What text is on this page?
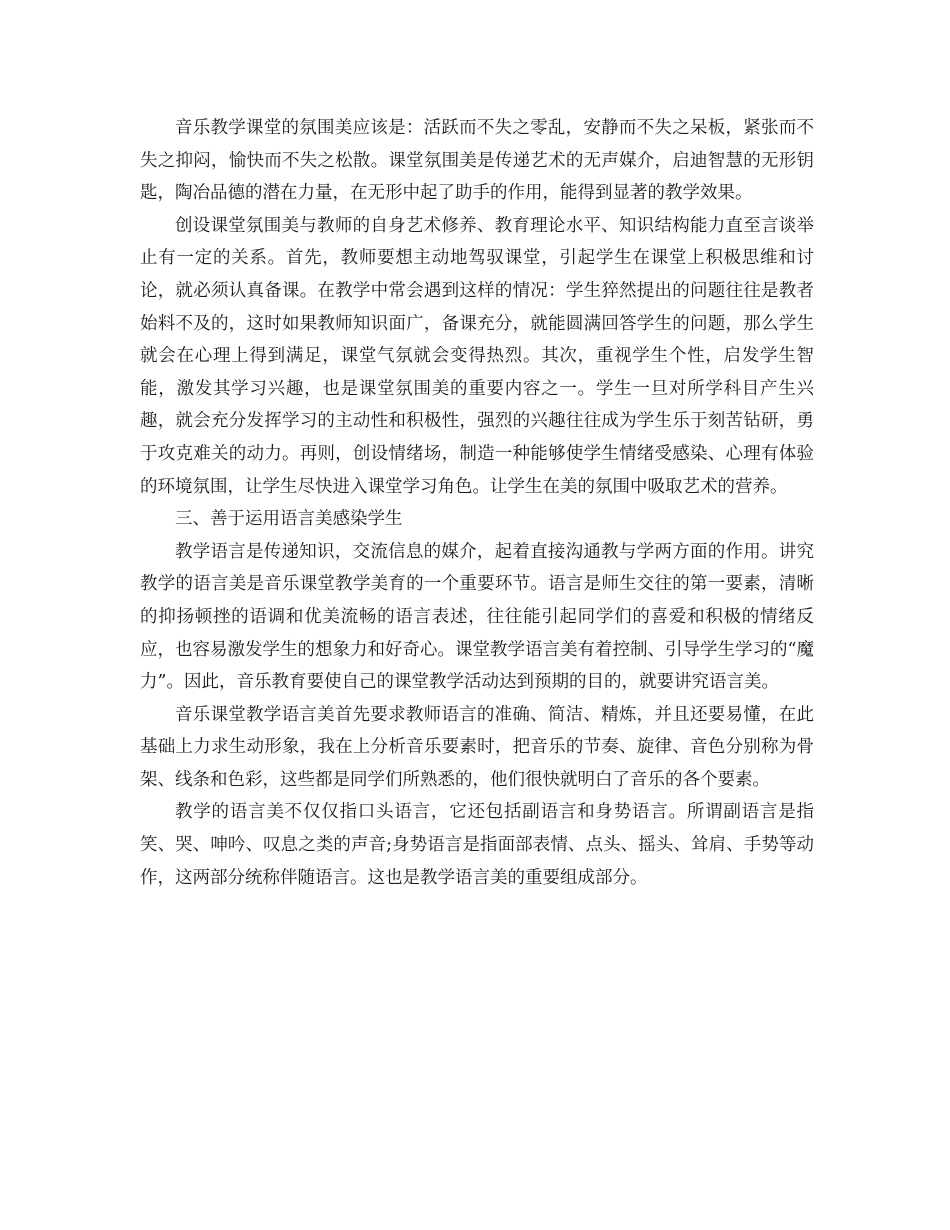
音乐教学课堂的氛围美应该是：活跃而不失之零乱，安静而不失之呆板，紧张而不失之抑闷，愉快而不失之松散。课堂氛围美是传递艺术的无声媒介，启迪智慧的无形钥匙，陶冶品德的潜在力量，在无形中起了助手的作用，能得到显著的教学效果。

创设课堂氛围美与教师的自身艺术修养、教育理论水平、知识结构能力直至言谈举止有一定的关系。首先，教师要想主动地驾驭课堂，引起学生在课堂上积极思维和讨论，就必须认真备课。在教学中常会遇到这样的情况：学生猝然提出的问题往往是教者始料不及的，这时如果教师知识面广，备课充分，就能圆满回答学生的问题，那么学生就会在心理上得到满足，课堂气氛就会变得热烈。其次，重视学生个性，启发学生智能，激发其学习兴趣，也是课堂氛围美的重要内容之一。学生一旦对所学科目产生兴趣，就会充分发挥学习的主动性和积极性，强烈的兴趣往往成为学生乐于刻苦钻研，勇于攻克难关的动力。再则，创设情绪场，制造一种能够使学生情绪受感染、心理有体验的环境氛围，让学生尽快进入课堂学习角色。让学生在美的氛围中吸取艺术的营养。

三、善于运用语言美感染学生

教学语言是传递知识，交流信息的媒介，起着直接沟通教与学两方面的作用。讲究教学的语言美是音乐课堂教学美育的一个重要环节。语言是师生交往的第一要素，清晰的抑扬顿挫的语调和优美流畅的语言表述，往往能引起同学们的喜爱和积极的情绪反应，也容易激发学生的想象力和好奇心。课堂教学语言美有着控制、引导学生学习的“魔力”。因此，音乐教育要使自己的课堂教学活动达到预期的目的，就要讲究语言美。

音乐课堂教学语言美首先要求教师语言的准确、简洁、精炼，并且还要易懂，在此基础上力求生动形象，我在上分析音乐要素时，把音乐的节奏、旋律、音色分别称为骨架、线条和色彩，这些都是同学们所熟悉的，他们很快就明白了音乐的各个要素。

教学的语言美不仅仅指口头语言，它还包括副语言和身势语言。所谓副语言是指笑、哭、呻吟、叹息之类的声音;身势语言是指面部表情、点头、摇头、耸肩、手势等动作，这两部分统称伴随语言。这也是教学语言美的重要组成部分。
